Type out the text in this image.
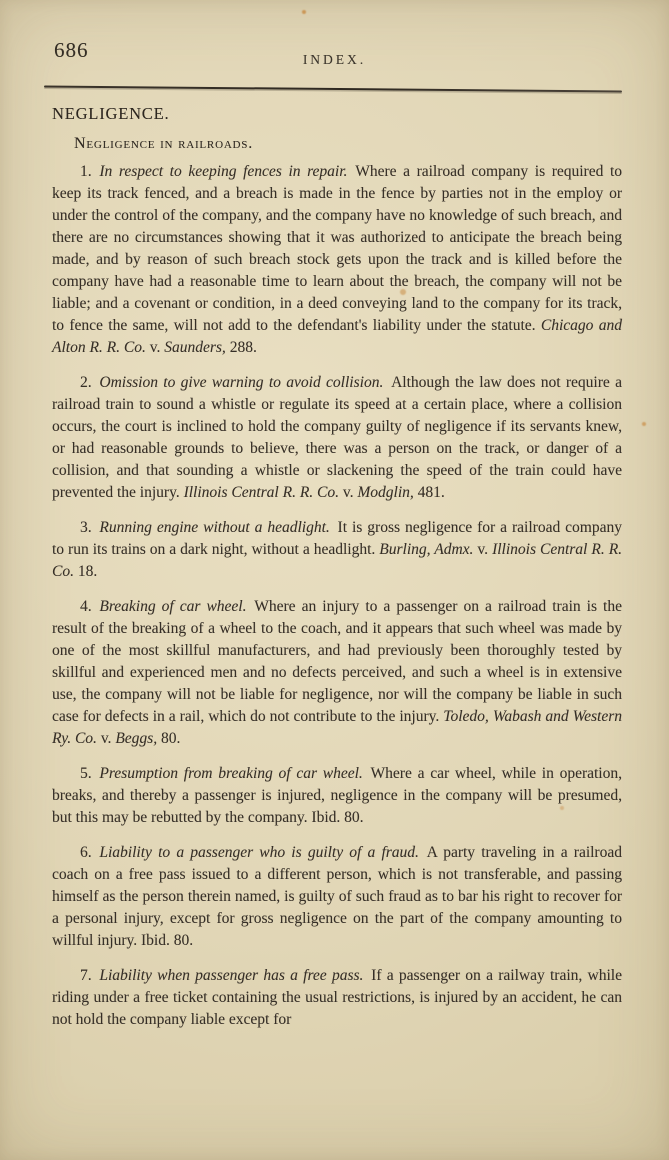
686	INDEX.
NEGLIGENCE.
Negligence in railroads.

1.  In respect to keeping fences in repair.  Where a railroad company is required to keep its track fenced, and a breach is made in the fence by parties not in the employ or under the control of the company, and the company have no knowledge of such breach, and there are no circumstances showing that it was authorized to anticipate the breach being made, and by reason of such breach stock gets upon the track and is killed before the company have had a reasonable time to learn about the breach, the company will not be liable; and a covenant or condition, in a deed conveying land to the company for its track, to fence the same, will not add to the defendant's liability under the statute. Chicago and Alton R. R. Co. v. Saunders, 288.

2.  Omission to give warning to avoid collision.  Although the law does not require a railroad train to sound a whistle or regulate its speed at a certain place, where a collision occurs, the court is inclined to hold the company guilty of negligence if its servants knew, or had reasonable grounds to believe, there was a person on the track, or danger of a collision, and that sounding a whistle or slackening the speed of the train could have prevented the injury. Illinois Central R. R. Co. v. Modglin, 481.

3.  Running engine without a headlight.  It is gross negligence for a railroad company to run its trains on a dark night, without a headlight. Burling, Admx. v. Illinois Central R. R. Co. 18.

4.  Breaking of car wheel.  Where an injury to a passenger on a railroad train is the result of the breaking of a wheel to the coach, and it appears that such wheel was made by one of the most skillful manufacturers, and had previously been thoroughly tested by skillful and experienced men and no defects perceived, and such a wheel is in extensive use, the company will not be liable for negligence, nor will the company be liable in such case for defects in a rail, which do not contribute to the injury. Toledo, Wabash and Western Ry. Co. v. Beggs, 80.

5.  Presumption from breaking of car wheel.  Where a car wheel, while in operation, breaks, and thereby a passenger is injured, negligence in the company will be presumed, but this may be rebutted by the company. Ibid. 80.

6.  Liability to a passenger who is guilty of a fraud.  A party traveling in a railroad coach on a free pass issued to a different person, which is not transferable, and passing himself as the person therein named, is guilty of such fraud as to bar his right to recover for a personal injury, except for gross negligence on the part of the company amounting to willful injury. Ibid. 80.

7.  Liability when passenger has a free pass.  If a passenger on a railway train, while riding under a free ticket containing the usual restrictions, is injured by an accident, he can not hold the company liable except for
